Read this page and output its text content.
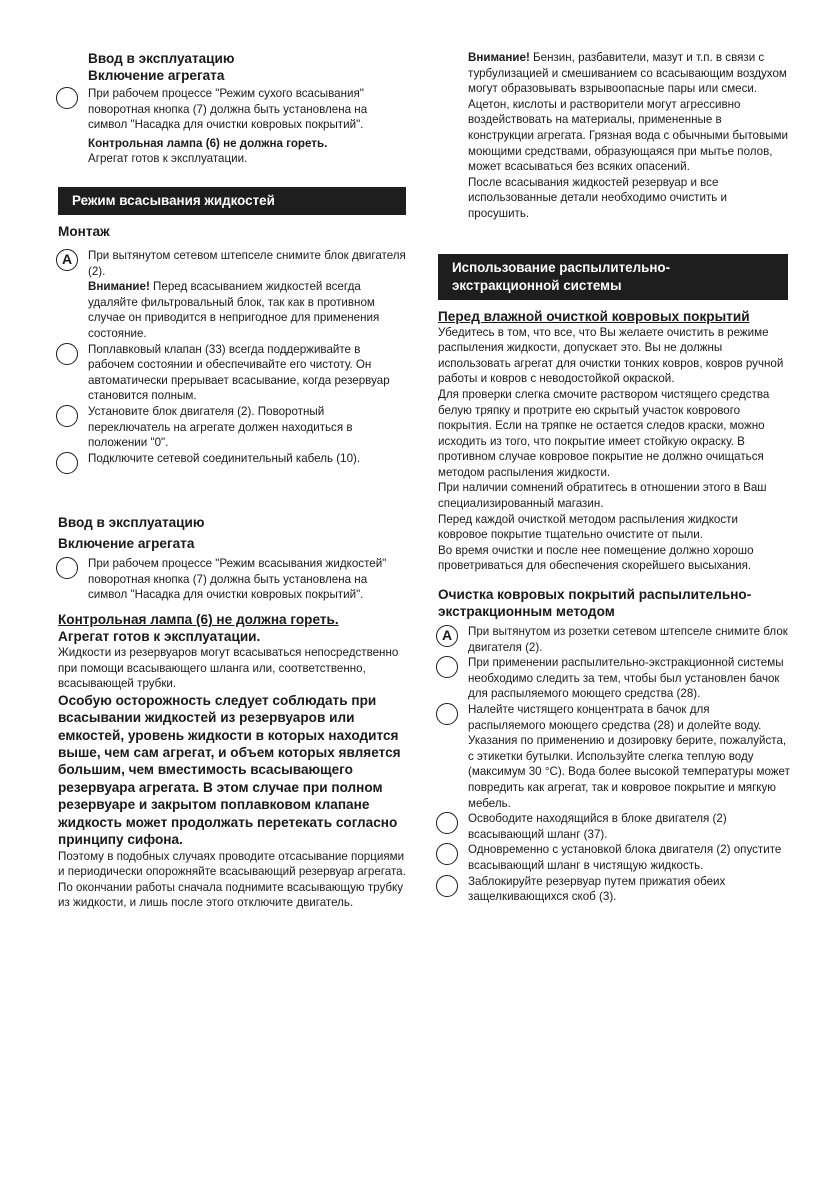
Ввод в эксплуатацию

Включение агрегата

При рабочем процессе "Режим сухого всасывания" поворотная кнопка (7) должна быть установлена на символ "Насадка для очистки ковровых покрытий".

Контрольная лампа (6) не должна гореть.

Агрегат готов к эксплуатации.

Режим всасывания жидкостей

Монтаж

A	При вытянутом сетевом штепселе снимите блок двигателя (2).

Внимание! Перед всасыванием жидкостей всегда удаляйте фильтровальный блок, так как в противном случае он приводится в непригодное для применения состояние.

Поплавковый клапан (33) всегда поддерживайте в рабочем состоянии и обеспечивайте его чистоту. Он автоматически прерывает всасывание, когда резервуар становится полным.

Установите блок двигателя (2). Поворотный переключатель на агрегате должен находиться в положении "0".

Подключите сетевой соединительный кабель (10).

Ввод в эксплуатацию

Включение агрегата

При рабочем процессе "Режим всасывания жидкостей" поворотная кнопка (7) должна быть установлена на символ "Насадка для очистки ковровых покрытий".

Контрольная лампа (6) не должна гореть.

Агрегат готов к эксплуатации.

Жидкости из резервуаров могут всасываться непосредственно при помощи всасывающего шланга или, соответственно, всасывающей трубки.

Особую осторожность следует соблюдать при всасывании жидкостей из резервуаров или емкостей, уровень жидкости в которых находится выше, чем сам агрегат, и объем которых является большим, чем вместимость всасывающего резервуара агрегата. В этом случае при полном резервуаре и закрытом поплавковом клапане жидкость может продолжать перетекать согласно принципу сифона.

Поэтому в подобных случаях проводите отсасывание порциями и периодически опорожняйте всасывающий резервуар агрегата.

По окончании работы сначала поднимите всасывающую трубку из жидкости, и лишь после этого отключите двигатель.

Внимание! Бензин, разбавители, мазут и т.п. в связи с турбулизацией и смешиванием со всасывающим воздухом могут образовывать взрывоопасные пары или смеси.

Ацетон, кислоты и растворители могут агрессивно воздействовать на материалы, примененные в конструкции агрегата. Грязная вода с обычными бытовыми моющими средствами, образующаяся при мытье полов, может всасываться без всяких опасений.

После всасывания жидкостей резервуар и все использованные детали необходимо очистить и просушить.

Использование распылительно-экстракционной системы

Перед влажной очисткой ковровых покрытий

Убедитесь в том, что все, что Вы желаете очистить в режиме распыления жидкости, допускает это. Вы не должны использовать агрегат для очистки тонких ковров, ковров ручной работы и ковров с неводостойкой окраской.

Для проверки слегка смочите раствором чистящего средства белую тряпку и протрите ею скрытый участок коврового покрытия. Если на тряпке не остается следов краски, можно исходить из того, что покрытие имеет стойкую окраску. В противном случае ковровое покрытие не должно очищаться методом распыления жидкости.

При наличии сомнений обратитесь в отношении этого в Ваш специализированный магазин.

Перед каждой очисткой методом распыления жидкости ковровое покрытие тщательно очистите от пыли.

Во время очистки и после нее помещение должно хорошо проветриваться для обеспечения скорейшего высыхания.

Очистка ковровых покрытий распылительно-экстракционным методом

A	При вытянутом из розетки сетевом штепселе снимите блок двигателя (2).

При применении распылительно-экстракционной системы необходимо следить за тем, чтобы был установлен бачок для распыляемого моющего средства (28).

Налейте чистящего концентрата в бачок для распыляемого моющего средства (28) и долейте воду. Указания по применению и дозировку берите, пожалуйста, с этикетки бутылки. Используйте слегка теплую воду (максимум 30 °C). Вода более высокой температуры может повредить как агрегат, так и ковровое покрытие и мягкую мебель.

Освободите находящийся в блоке двигателя (2) всасывающий шланг (37).

Одновременно с установкой блока двигателя (2) опустите всасывающий шланг в чистящую жидкость.

Заблокируйте резервуар путем прижатия обеих защелкивающихся скоб (3).
